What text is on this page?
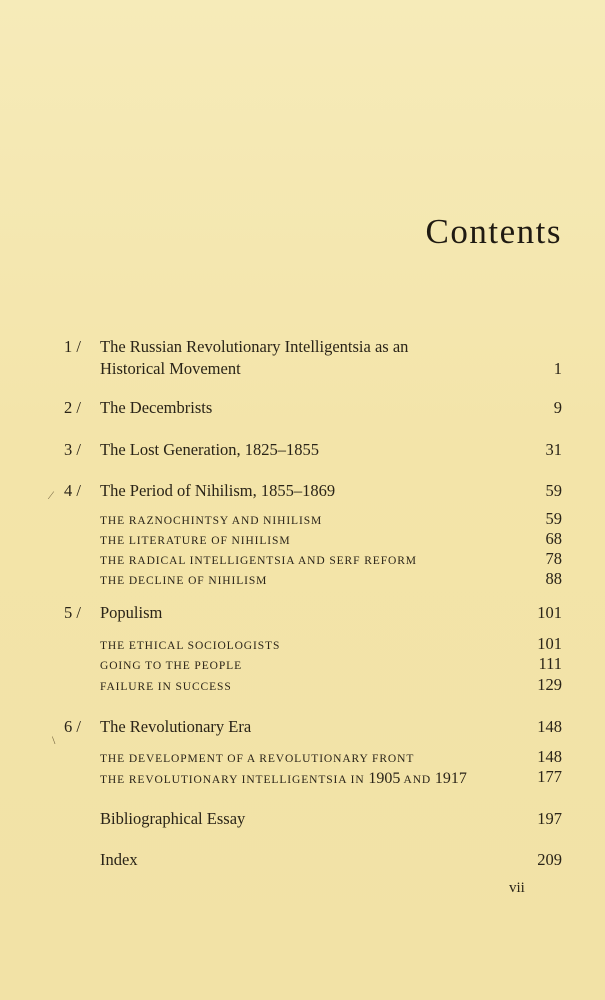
Contents
1 /	The Russian Revolutionary Intelligentsia as an
Historical Movement	1
2 /	The Decembrists	9
3 /	The Lost Generation, 1825–1855	31
4 /	The Period of Nihilism, 1855–1869	59
THE RAZNOCHINTSY AND NIHILISM	59
THE LITERATURE OF NIHILISM	68
THE RADICAL INTELLIGENTSIA AND SERF REFORM	78
THE DECLINE OF NIHILISM	88
5 /	Populism	101
THE ETHICAL SOCIOLOGISTS	101
GOING TO THE PEOPLE	111
FAILURE IN SUCCESS	129
6 /	The Revolutionary Era	148
THE DEVELOPMENT OF A REVOLUTIONARY FRONT	148
THE REVOLUTIONARY INTELLIGENTSIA IN 1905 AND 1917	177
Bibliographical Essay	197
Index	209
vii
⁄
\
